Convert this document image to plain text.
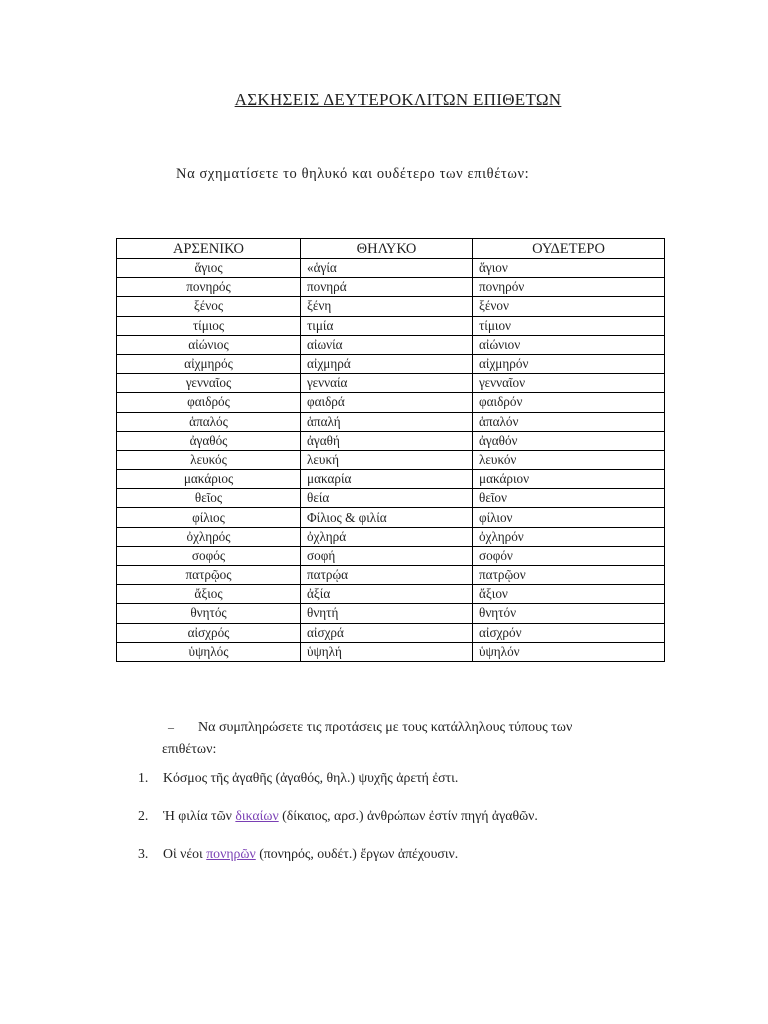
ΑΣΚΗΣΕΙΣ ΔΕΥΤΕΡΟΚΛΙΤΩΝ ΕΠΙΘΕΤΩΝ
Να σχηματίσετε το θηλυκό και ουδέτερο των επιθέτων:
ΑΡΣΕΝΙΚΟ	ΘΗΛΥΚΟ	ΟΥΔΕΤΕΡΟ
ἅγιος	«ἁγία	ἅγιον
πονηρός	πονηρά	πονηρόν
ξένος	ξένη	ξένον
τίμιος	τιμία	τίμιον
αἰώνιος	αἰωνία	αἰώνιον
αἰχμηρός	αἰχμηρά	αἰχμηρόν
γενναῖος	γενναία	γενναῖον
φαιδρός	φαιδρά	φαιδρόν
ἁπαλός	ἁπαλή	ἁπαλόν
ἀγαθός	ἀγαθή	ἀγαθόν
λευκός	λευκή	λευκόν
μακάριος	μακαρία	μακάριον
θεῖος	θεία	θεῖον
φίλιος	Φίλιος & φιλία	φίλιον
ὀχληρός	ὀχληρά	ὀχληρόν
σοφός	σοφή	σοφόν
πατρῷος	πατρῴα	πατρῷον
ἄξιος	ἀξία	ἄξιον
θνητός	θνητή	θνητόν
αἰσχρός	αἰσχρά	αἰσχρόν
ὑψηλός	ὑψηλή	ὑψηλόν
– Να συμπληρώσετε τις προτάσεις με τους κατάλληλους τύπους των
επιθέτων:
1. Κόσμος τῆς ἀγαθῆς (ἀγαθός, θηλ.) ψυχῆς ἀρετή ἐστι.
2. Ἡ φιλία τῶν δικαίων (δίκαιος, αρσ.) ἀνθρώπων ἐστίν πηγή ἀγαθῶν.
3. Οἱ νέοι πονηρῶν (πονηρός, ουδέτ.) ἔργων ἀπέχουσιν.
